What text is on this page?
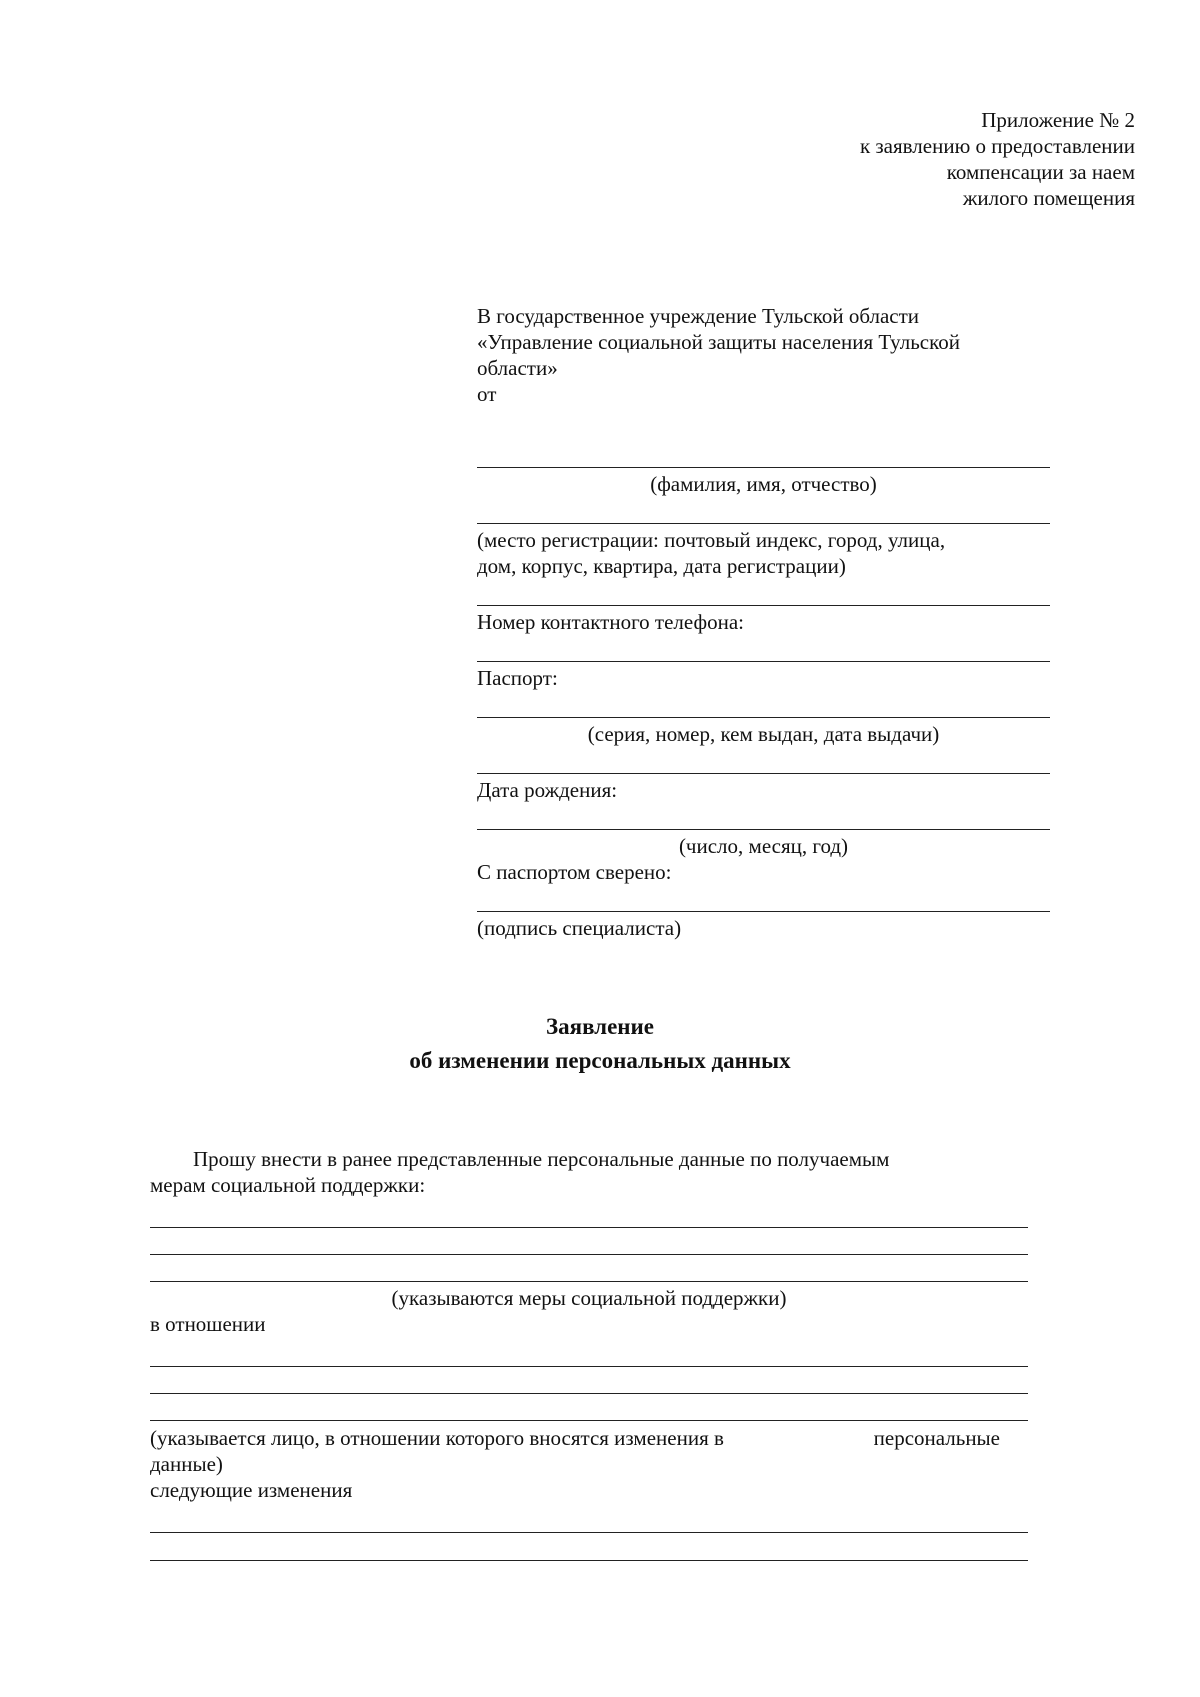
Приложение № 2
к заявлению о предоставлении
компенсации за наем
жилого помещения
В государственное учреждение Тульской области
«Управление социальной защиты населения Тульской
области»
от
(фамилия, имя, отчество)
(место регистрации: почтовый индекс, город, улица,
дом, корпус, квартира, дата регистрации)
Номер контактного телефона:
Паспорт:
(серия, номер, кем выдан, дата выдачи)
Дата рождения:
(число, месяц, год)
С паспортом сверено:
(подпись специалиста)
Заявление
об изменении персональных данных
Прошу внести в ранее представленные персональные данные по получаемым
мерам социальной поддержки:
(указываются меры социальной поддержки)
в отношении
(указывается лицо, в отношении которого вносятся изменения в	персональные
данные)
следующие изменения
